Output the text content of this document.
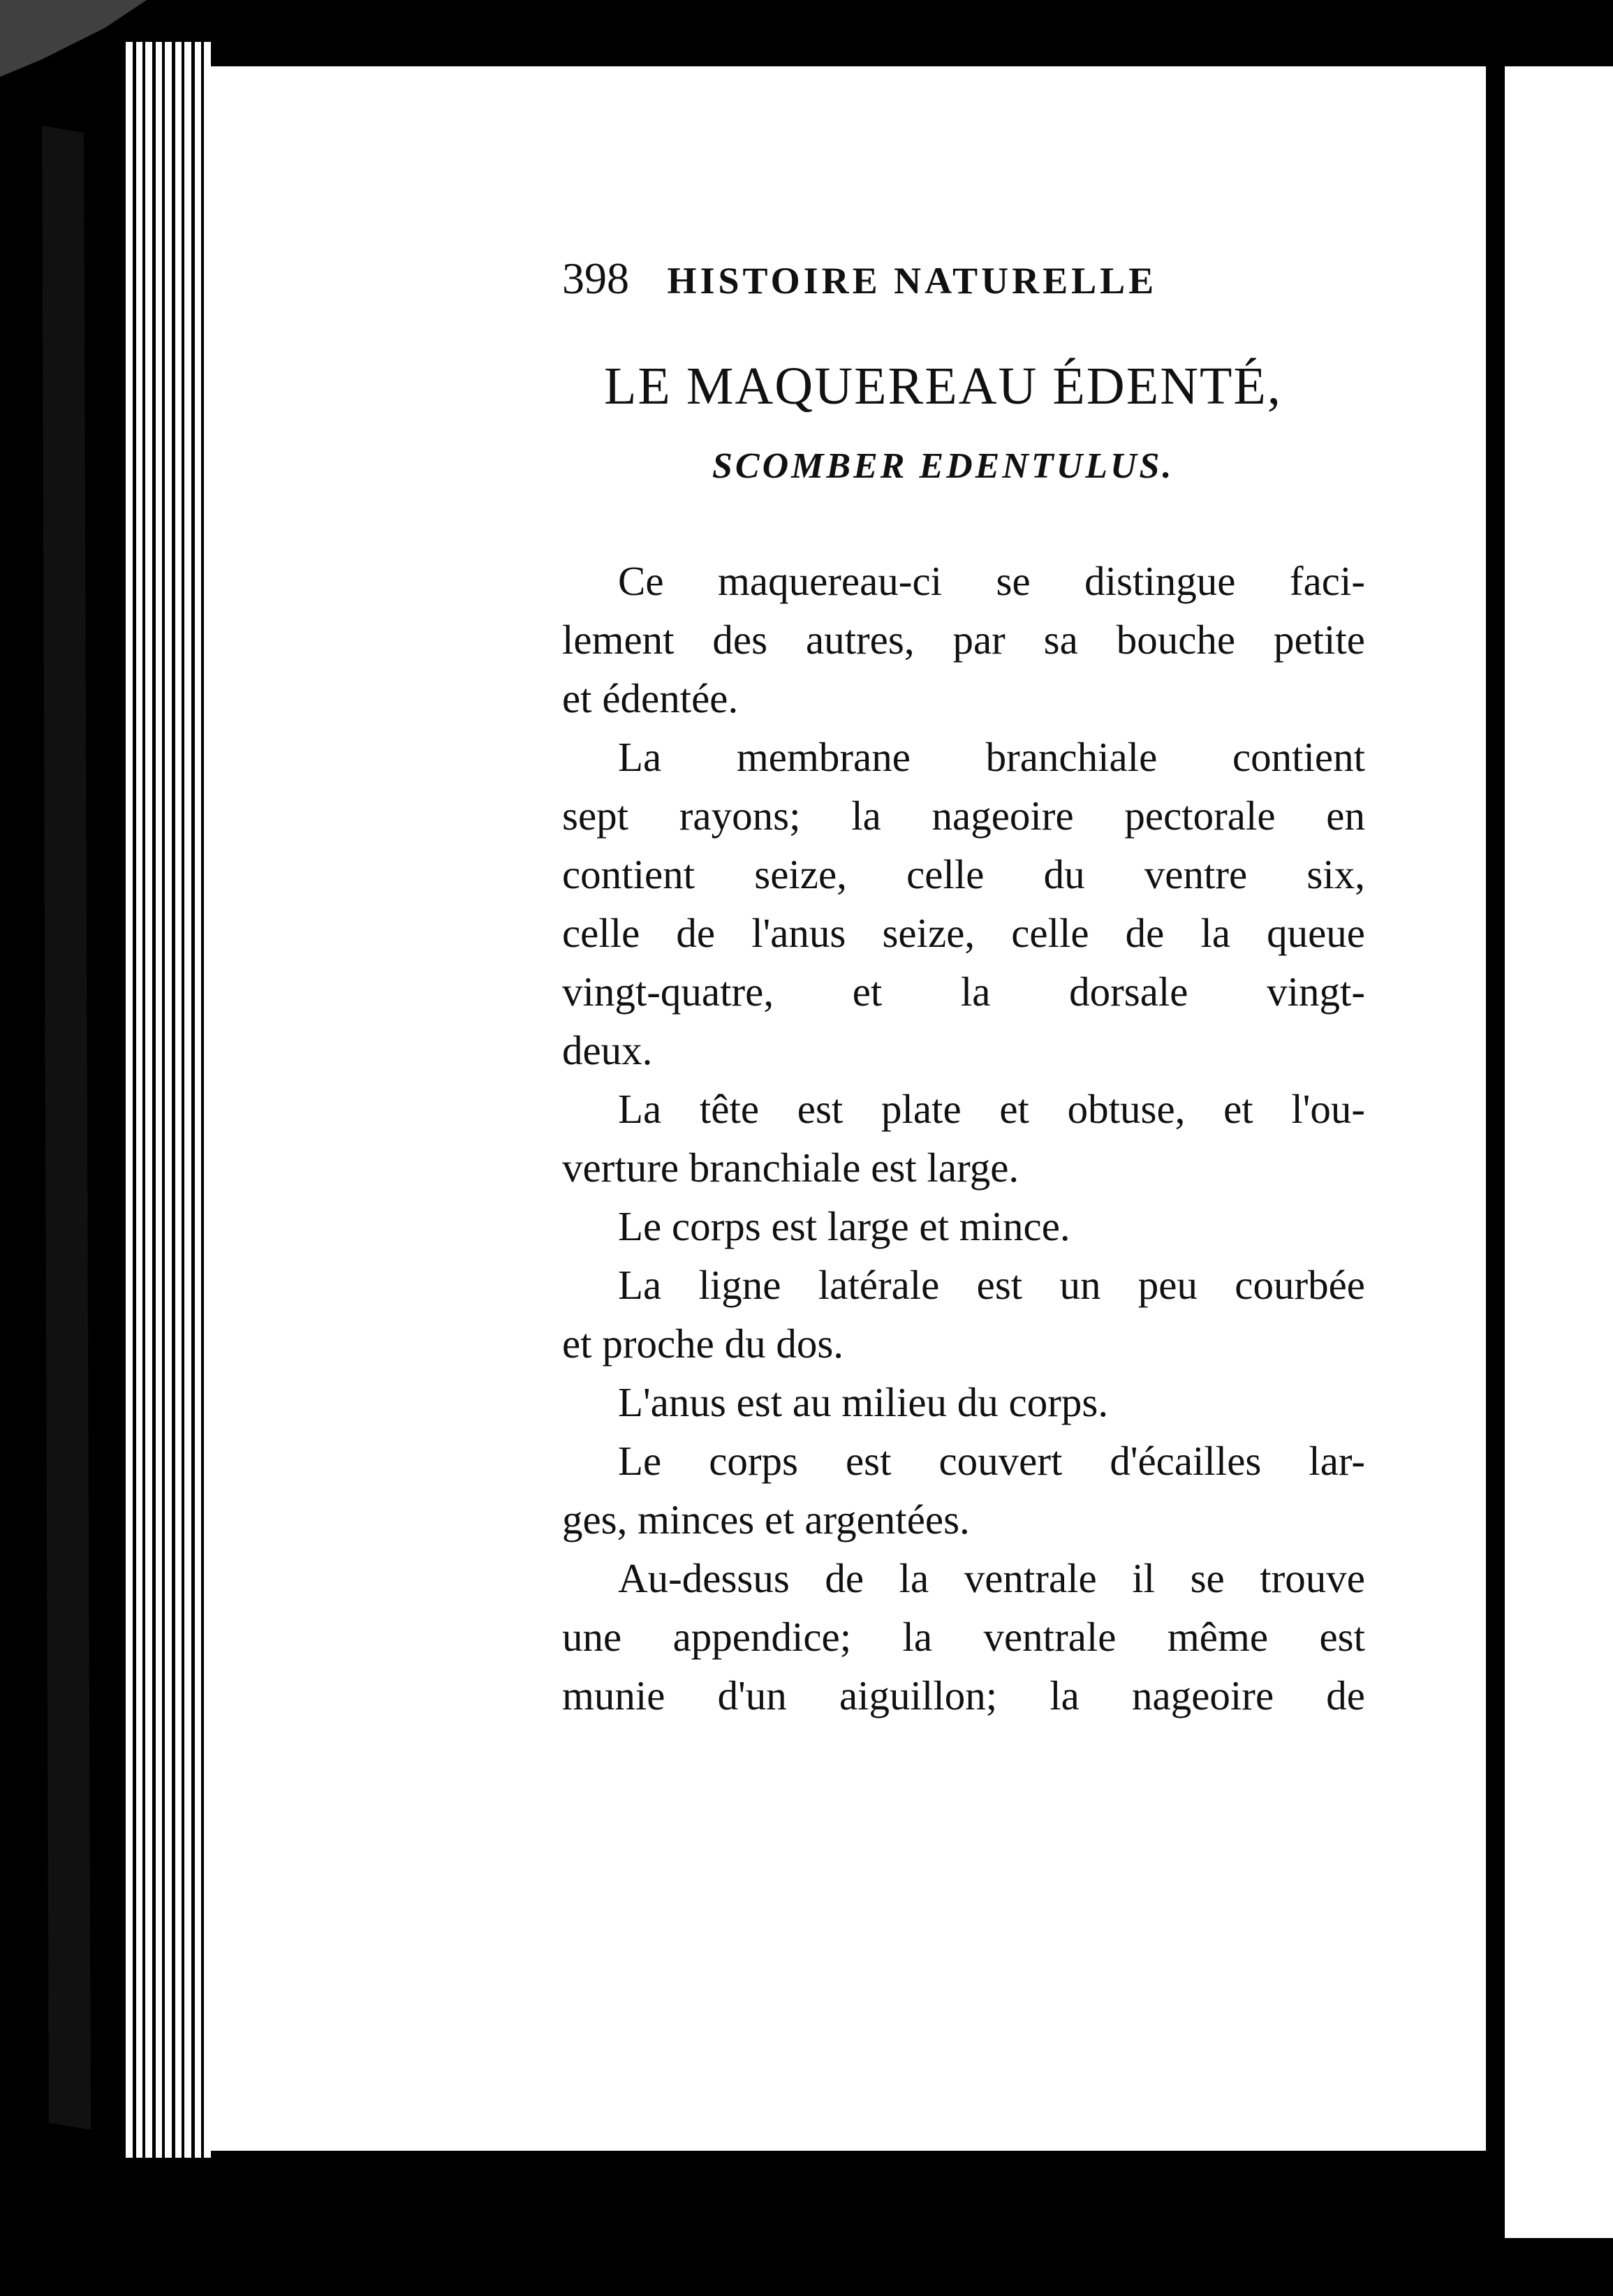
398 HISTOIRE NATURELLE
LE MAQUEREAU ÉDENTÉ,
SCOMBER EDENTULUS.
Ce maquereau-ci se distingue faci-
lement des autres, par sa bouche petite
et édentée.
La membrane branchiale contient
sept rayons; la nageoire pectorale en
contient seize, celle du ventre six,
celle de l'anus seize, celle de la queue
vingt-quatre, et la dorsale vingt-
deux.
La tête est plate et obtuse, et l'ou-
verture branchiale est large.
Le corps est large et mince.
La ligne latérale est un peu courbée
et proche du dos.
L'anus est au milieu du corps.
Le corps est couvert d'écailles lar-
ges, minces et argentées.
Au-dessus de la ventrale il se trouve
une appendice; la ventrale même est
munie d'un aiguillon; la nageoire de
